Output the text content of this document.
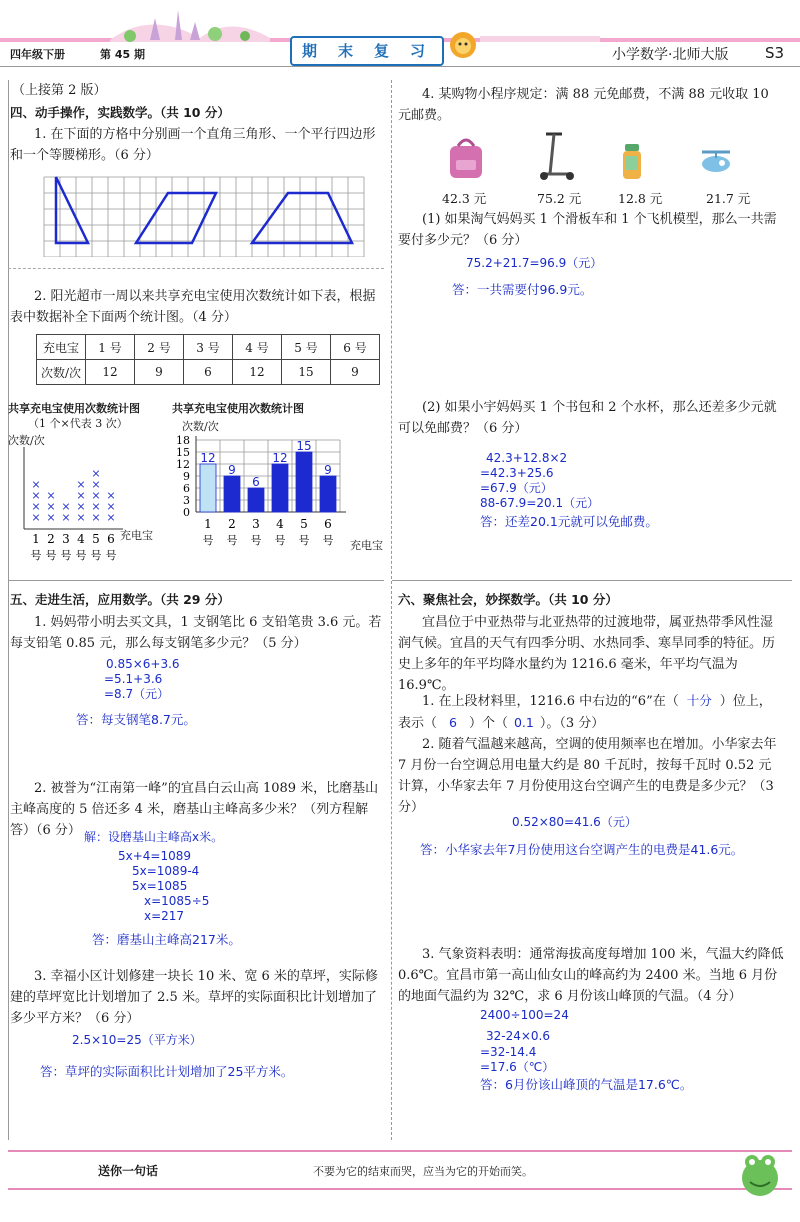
四年级下册	第 45 期	期 末 复 习	小学数学·北师大版 S3
（上接第 2 版）
四、动手操作，实践数学。（共 10 分）
1. 在下面的方格中分别画一个直角三角形、一个平行四边形和一个等腰梯形。（6 分）
2. 阳光超市一周以来共享充电宝使用次数统计如下表，根据表中数据补全下面两个统计图。（4 分）
充电宝	1 号	2 号	3 号	4 号	5 号	6 号
次数/次	12	9	6	12	15	9
共享充电宝使用次数统计图
（1 个×代表 3 次）
次数/次
×
×
×
×
1
号
×
×
×
2
号
×
×
3
号
×
×
×
×
4
号
×
×
×
×
×
5
号
×
×
×
6
号
充电宝
共享充电宝使用次数统计图
次数/次
18
15
12
9
6
3
0
12
1
号
9
2
号
6
3
号
12
4
号
15
5
号
9
6
号 充电宝
五、走进生活，应用数学。（共 29 分）
1. 妈妈带小明去买文具，1 支钢笔比 6 支铅笔贵 3.6 元。若每支铅笔 0.85 元，那么每支钢笔多少元？（5 分）
0.85×6+3.6
=5.1+3.6
=8.7（元）
答：每支钢笔8.7元。
2. 被誉为“江南第一峰”的宜昌白云山高 1089 米，比磨基山主峰高度的 5 倍还多 4 米，磨基山主峰高多少米？（列方程解答）（6 分） 解：设磨基山主峰高x米。
5x+4=1089
5x=1089-4
5x=1085
x=1085÷5
x=217
答：磨基山主峰高217米。
3. 幸福小区计划修建一块长 10 米、宽 6 米的草坪，实际修建的草坪宽比计划增加了 2.5 米。草坪的实际面积比计划增加了多少平方米？（6 分）
2.5×10=25（平方米）
答：草坪的实际面积比计划增加了25平方米。
4. 某购物小程序规定：满 88 元免邮费，不满 88 元收取 10 元邮费。
42.3 元	75.2 元	12.8 元	21.7 元
(1) 如果淘气妈妈买 1 个滑板车和 1 个飞机模型，那么一共需要付多少元？（6 分）
75.2+21.7=96.9（元）
答：一共需要付96.9元。
(2) 如果小宇妈妈买 1 个书包和 2 个水杯，那么还差多少元就可以免邮费？（6 分）
42.3+12.8×2
=42.3+25.6
=67.9（元）
88-67.9=20.1（元）
答：还差20.1元就可以免邮费。
六、聚焦社会，妙探数学。（共 10 分）
宜昌位于中亚热带与北亚热带的过渡地带，属亚热带季风性湿润气候。宜昌的天气有四季分明、水热同季、寒旱同季的特征。历史上多年的年平均降水量约为 1216.6 毫米，年平均气温为 16.9℃。
1. 在上段材料里，1216.6 中右边的“6”在（ 十分 ）位上，
表示（ 6 ）个（ 0.1 ）。（3 分）
2. 随着气温越来越高，空调的使用频率也在增加。小华家去年 7 月份一台空调总用电量大约是 80 千瓦时，按每千瓦时 0.52 元计算，小华家去年 7 月份使用这台空调产生的电费是多少元？（3 分）
0.52×80=41.6（元）
答：小华家去年7月份使用这台空调产生的电费是41.6元。
3. 气象资料表明：通常海拔高度每增加 100 米，气温大约降低 0.6℃。宜昌市第一高山仙女山的峰高约为 2400 米。当地 6 月份的地面气温约为 32℃，求 6 月份该山峰顶的气温。（4 分）
2400÷100=24
32-24×0.6
=32-14.4
=17.6（℃）
答：6月份该山峰顶的气温是17.6℃。
送你一句话	不要为它的结束而哭，应当为它的开始而笑。
